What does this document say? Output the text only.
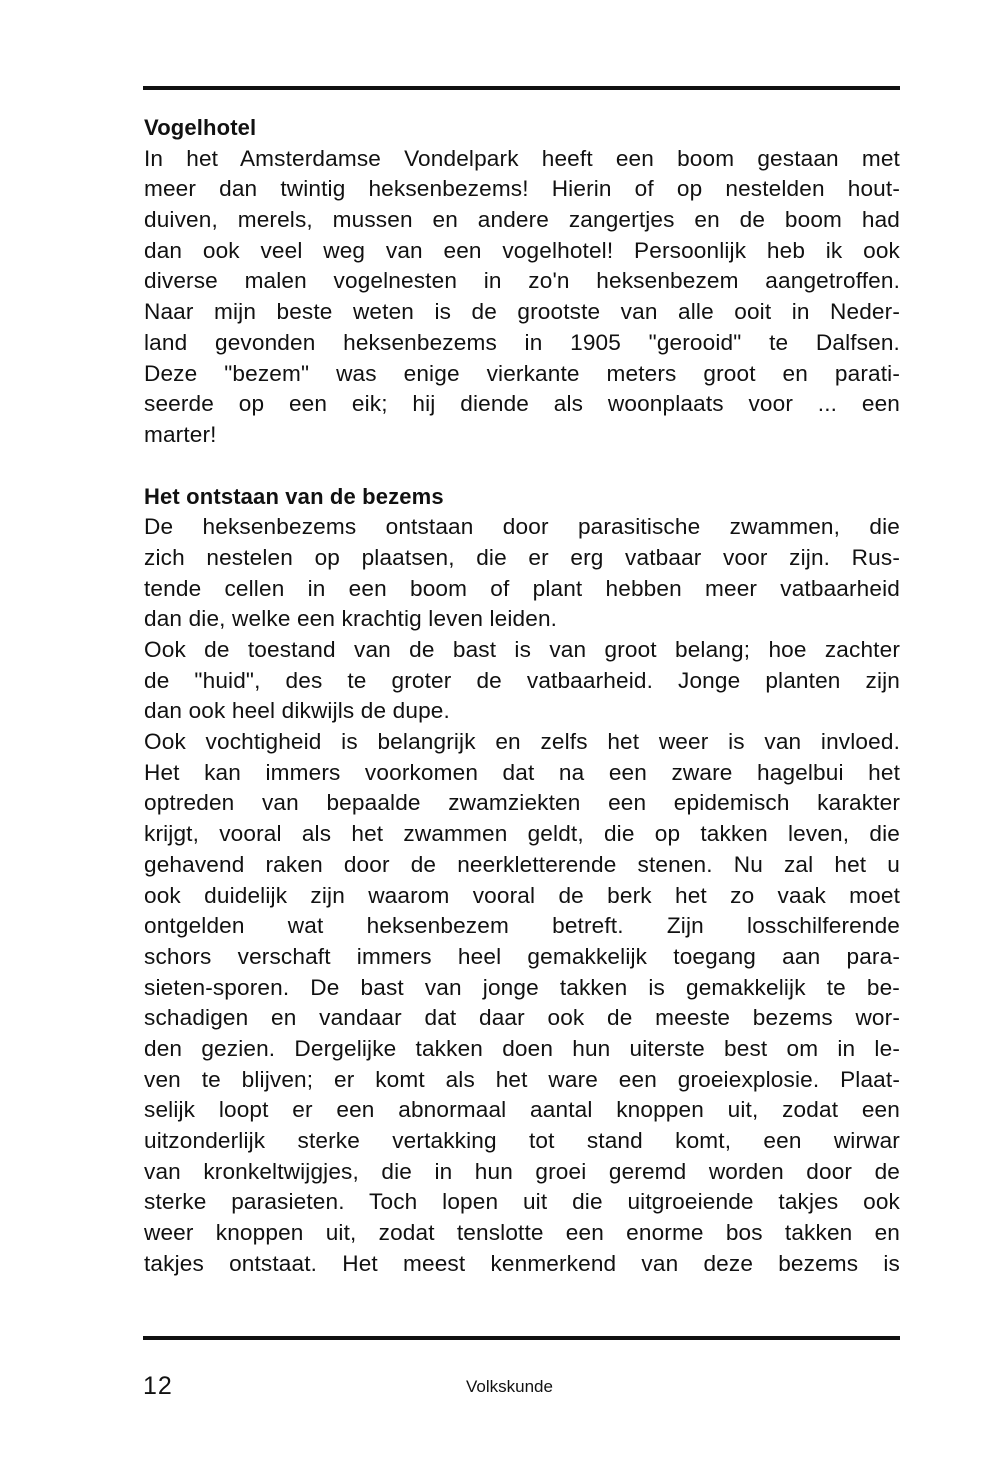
Vogelhotel
In het Amsterdamse Vondelpark heeft een boom gestaan met
meer dan twintig heksenbezems! Hierin of op nestelden hout-
duiven, merels, mussen en andere zangertjes en de boom had
dan ook veel weg van een vogelhotel! Persoonlijk heb ik ook
diverse malen vogelnesten in zo'n heksenbezem aangetroffen.
Naar mijn beste weten is de grootste van alle ooit in Neder-
land gevonden heksenbezems in 1905 "gerooid" te Dalfsen.
Deze "bezem" was enige vierkante meters groot en parati-
seerde op een eik; hij diende als woonplaats voor ... een
marter!
Het ontstaan van de bezems
De heksenbezems ontstaan door parasitische zwammen, die
zich nestelen op plaatsen, die er erg vatbaar voor zijn. Rus-
tende cellen in een boom of plant hebben meer vatbaarheid
dan die, welke een krachtig leven leiden.
Ook de toestand van de bast is van groot belang; hoe zachter
de "huid", des te groter de vatbaarheid. Jonge planten zijn
dan ook heel dikwijls de dupe.
Ook vochtigheid is belangrijk en zelfs het weer is van invloed.
Het kan immers voorkomen dat na een zware hagelbui het
optreden van bepaalde zwamziekten een epidemisch karakter
krijgt, vooral als het zwammen geldt, die op takken leven, die
gehavend raken door de neerkletterende stenen. Nu zal het u
ook duidelijk zijn waarom vooral de berk het zo vaak moet
ontgelden wat heksenbezem betreft. Zijn losschilferende
schors verschaft immers heel gemakkelijk toegang aan para-
sieten-sporen. De bast van jonge takken is gemakkelijk te be-
schadigen en vandaar dat daar ook de meeste bezems wor-
den gezien. Dergelijke takken doen hun uiterste best om in le-
ven te blijven; er komt als het ware een groeiexplosie. Plaat-
selijk loopt er een abnormaal aantal knoppen uit, zodat een
uitzonderlijk sterke vertakking tot stand komt, een wirwar
van kronkeltwijgjes, die in hun groei geremd worden door de
sterke parasieten. Toch lopen uit die uitgroeiende takjes ook
weer knoppen uit, zodat tenslotte een enorme bos takken en
takjes ontstaat. Het meest kenmerkend van deze bezems is
12	Volkskunde
